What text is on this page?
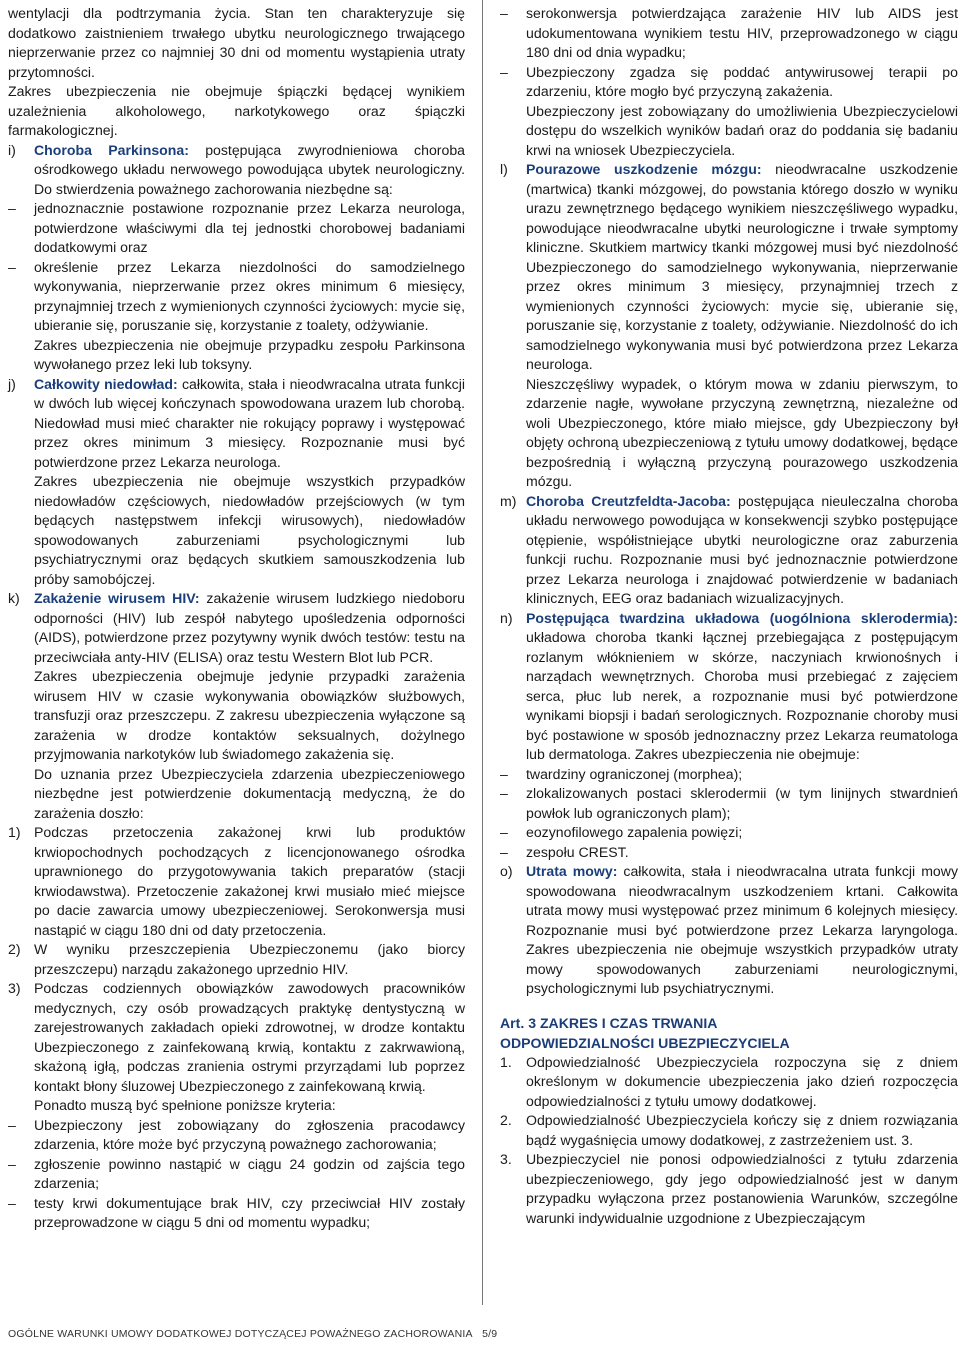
wentylacji dla podtrzymania życia. Stan ten charakteryzuje się dodatkowo zaistnieniem trwałego ubytku neurologicznego trwającego nieprzerwanie przez co najmniej 30 dni od momentu wystąpienia utraty przytomności.

Zakres ubezpieczenia nie obejmuje śpiączki będącej wynikiem uzależnienia alkoholowego, narkotykowego oraz śpiączki farmakologicznej.

i)	Choroba Parkinsona: postępująca zwyrodnieniowa choroba ośrodkowego układu nerwowego powodująca ubytek neurologiczny. Do stwierdzenia poważnego zachorowania niezbędne są:
–	jednoznacznie postawione rozpoznanie przez Lekarza neurologa, potwierdzone właściwymi dla tej jednostki chorobowej badaniami dodatkowymi oraz
–	określenie przez Lekarza niezdolności do samodzielnego wykonywania, nieprzerwanie przez okres minimum 6 miesięcy, przynajmniej trzech z wymienionych czynności życiowych: mycie się, ubieranie się, poruszanie się, korzystanie z toalety, odżywianie.

Zakres ubezpieczenia nie obejmuje przypadku zespołu Parkinsona wywołanego przez leki lub toksyny.

j)	Całkowity niedowład: całkowita, stała i nieodwracalna utrata funkcji w dwóch lub więcej kończynach spowodowana urazem lub chorobą. Niedowład musi mieć charakter nie rokujący poprawy i występować przez okres minimum 3 miesięcy. Rozpoznanie musi być potwierdzone przez Lekarza neurologa.

Zakres ubezpieczenia nie obejmuje wszystkich przypadków niedowładów częściowych, niedowładów przejściowych (w tym będących następstwem infekcji wirusowych), niedowładów spowodowanych zaburzeniami psychologicznymi lub psychiatrycznymi oraz będących skutkiem samouszkodzenia lub próby samobójczej.

k)	Zakażenie wirusem HIV: zakażenie wirusem ludzkiego niedoboru odporności (HIV) lub zespół nabytego upośledzenia odporności (AIDS), potwierdzone przez pozytywny wynik dwóch testów: testu na przeciwciała anty-HIV (ELISA) oraz testu Western Blot lub PCR.

Zakres ubezpieczenia obejmuje jedynie przypadki zarażenia wirusem HIV w czasie wykonywania obowiązków służbowych, transfuzji oraz przeszczepu. Z zakresu ubezpieczenia wyłączone są zarażenia w drodze kontaktów seksualnych, dożylnego przyjmowania narkotyków lub świadomego zakażenia się.

Do uznania przez Ubezpieczyciela zdarzenia ubezpieczeniowego niezbędne jest potwierdzenie dokumentacją medyczną, że do zarażenia doszło:

1) Podczas przetoczenia zakażonej krwi lub produktów krwiopochodnych pochodzących z licencjonowanego ośrodka uprawnionego do przygotowywania takich preparatów (stacji krwiodawstwa). Przetoczenie zakażonej krwi musiało mieć miejsce po dacie zawarcia umowy ubezpieczeniowej. Serokonwersja musi nastąpić w ciągu 180 dni od daty przetoczenia.
2) W wyniku przeszczepienia Ubezpieczonemu (jako biorcy przeszczepu) narządu zakażonego uprzednio HIV.
3) Podczas codziennych obowiązków zawodowych pracowników medycznych, czy osób prowadzących praktykę dentystyczną w zarejestrowanych zakładach opieki zdrowotnej, w drodze kontaktu Ubezpieczonego z zainfekowaną krwią, kontaktu z zakrwawioną, skażoną igłą, podczas zranienia ostrymi przyrządami lub poprzez kontakt błony śluzowej Ubezpieczonego z zainfekowaną krwią.

Ponadto muszą być spełnione poniższe kryteria:

–	Ubezpieczony jest zobowiązany do zgłoszenia pracodawcy zdarzenia, które może być przyczyną poważnego zachorowania;
–	zgłoszenie powinno nastąpić w ciągu 24 godzin od zajścia tego zdarzenia;
–	testy krwi dokumentujące brak HIV, czy przeciwciał HIV zostały przeprowadzone w ciągu 5 dni od momentu wypadku;
–	serokonwersja potwierdzająca zarażenie HIV lub AIDS jest udokumentowana wynikiem testu HIV, przeprowadzonego w ciągu 180 dni od dnia wypadku;
–	Ubezpieczony zgadza się poddać antywirusowej terapii po zdarzeniu, które mogło być przyczyną zakażenia.

Ubezpieczony jest zobowiązany do umożliwienia Ubezpieczycielowi dostępu do wszelkich wyników badań oraz do poddania się badaniu krwi na wniosek Ubezpieczyciela.

l)	Pourazowe uszkodzenie mózgu: nieodwracalne uszkodzenie (martwica) tkanki mózgowej, do powstania którego doszło w wyniku urazu zewnętrznego będącego wynikiem nieszczęśliwego wypadku, powodujące nieodwracalne ubytki neurologiczne i trwałe symptomy kliniczne. Skutkiem martwicy tkanki mózgowej musi być niezdolność Ubezpieczonego do samodzielnego wykonywania, nieprzerwanie przez okres minimum 3 miesięcy, przynajmniej trzech z wymienionych czynności życiowych: mycie się, ubieranie się, poruszanie się, korzystanie z toalety, odżywianie. Niezdolność do ich samodzielnego wykonywania musi być potwierdzona przez Lekarza neurologa.

Nieszczęśliwy wypadek, o którym mowa w zdaniu pierwszym, to zdarzenie nagłe, wywołane przyczyną zewnętrzną, niezależne od woli Ubezpieczonego, które miało miejsce, gdy Ubezpieczony był objęty ochroną ubezpieczeniową z tytułu umowy dodatkowej, będące bezpośrednią i wyłączną przyczyną pourazowego uszkodzenia mózgu.

m) Choroba Creutzfeldta-Jacoba: postępująca nieuleczalna choroba układu nerwowego powodująca w konsekwencji szybko postępujące otępienie, współistniejące ubytki neurologiczne oraz zaburzenia funkcji ruchu. Rozpoznanie musi być jednoznacznie potwierdzone przez Lekarza neurologa i znajdować potwierdzenie w badaniach klinicznych, EEG oraz badaniach wizualizacyjnych.
n) Postępująca twardzina układowa (uogólniona sklerodermia): układowa choroba tkanki łącznej przebiegająca z postępującym rozlanym włóknieniem w skórze, naczyniach krwionośnych i narządach wewnętrznych. Choroba musi przebiegać z zajęciem serca, płuc lub nerek, a rozpoznanie musi być potwierdzone wynikami biopsji i badań serologicznych. Rozpoznanie choroby musi być postawione w sposób jednoznaczny przez Lekarza reumatologa lub dermatologa. Zakres ubezpieczenia nie obejmuje:
–	twardziny ograniczonej (morphea);
–	zlokalizowanych postaci sklerodermii (w tym linijnych stwardnień powłok lub ograniczonych plam);
–	eozynofilowego zapalenia powięzi;
–	zespołu CREST.
o) Utrata mowy: całkowita, stała i nieodwracalna utrata funkcji mowy spowodowana nieodwracalnym uszkodzeniem krtani. Całkowita utrata mowy musi występować przez minimum 6 kolejnych miesięcy. Rozpoznanie musi być potwierdzone przez Lekarza laryngologa. Zakres ubezpieczenia nie obejmuje wszystkich przypadków utraty mowy spowodowanych zaburzeniami neurologicznymi, psychologicznymi lub psychiatrycznymi.
Art. 3 ZAKRES I CZAS TRWANIA
ODPOWIEDZIALNOŚCI UBEZPIECZYCIELA
1.	Odpowiedzialność Ubezpieczyciela rozpoczyna się z dniem określonym w dokumencie ubezpieczenia jako dzień rozpoczęcia odpowiedzialności z tytułu umowy dodatkowej.
2.	Odpowiedzialność Ubezpieczyciela kończy się z dniem rozwiązania bądź wygaśnięcia umowy dodatkowej, z zastrzeżeniem ust. 3.
3.	Ubezpieczyciel nie ponosi odpowiedzialności z tytułu zdarzenia ubezpieczeniowego, gdy jego odpowiedzialność jest w danym przypadku wyłączona przez postanowienia Warunków, szczególne warunki indywidualnie uzgodnione z Ubezpieczającym
OGÓLNE WARUNKI UMOWY DODATKOWEJ DOTYCZĄCEJ POWAŻNEGO ZACHOROWANIA 5/9
